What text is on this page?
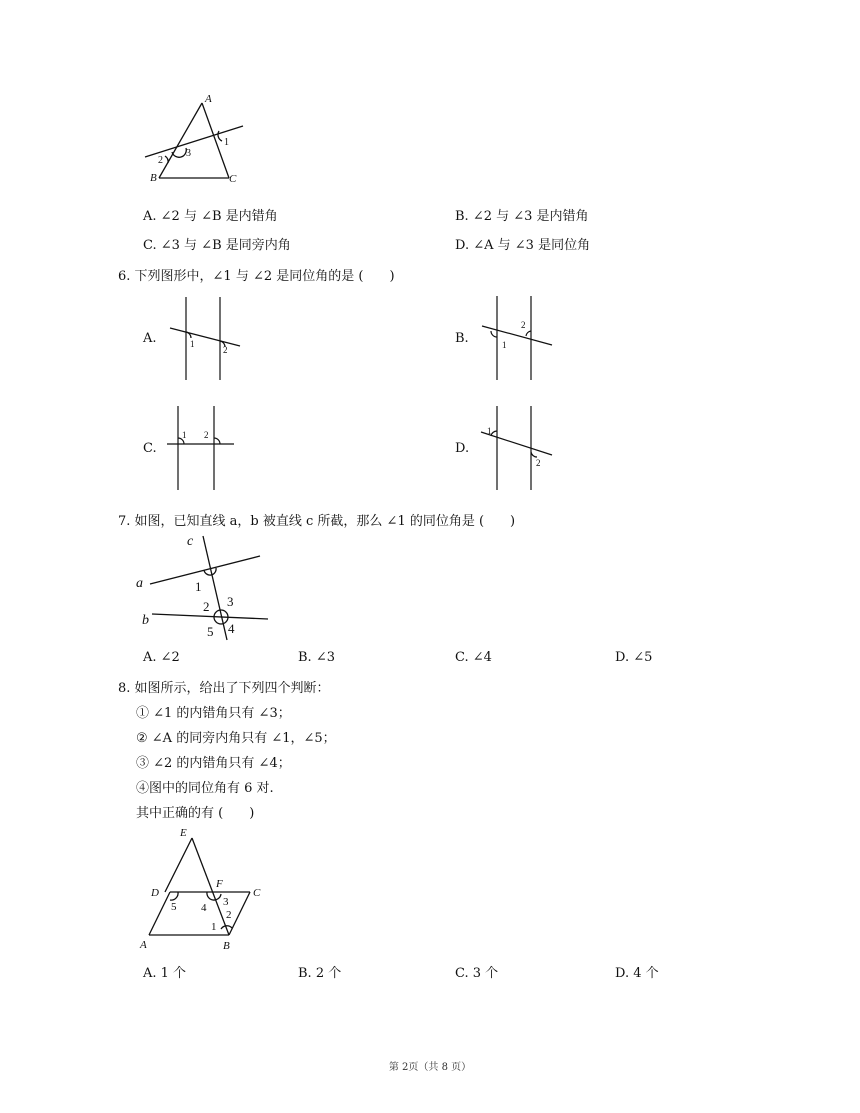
A
B	C
1
2
3
A. ∠2 与 ∠B 是内错角	B. ∠2 与 ∠3 是内错角
C. ∠3 与 ∠B 是同旁内角	D. ∠A 与 ∠3 是同位角
6. 下列图形中，∠1 与 ∠2 是同位角的是 (　　)
A.	1
2
B.	1
2
C.
1 2
D.
1
2
7. 如图，已知直线 a，b 被直线 c 所截，那么 ∠1 的同位角是 (　　)
c
a
b
1
2 3
4
5
A. ∠2	B. ∠3	C. ∠4	D. ∠5
8. 如图所示，给出了下列四个判断：
① ∠1 的内错角只有 ∠3；
② ∠A 的同旁内角只有 ∠1，∠5；
③ ∠2 的内错角只有 ∠4；
④图中的同位角有 6 对.
其中正确的有 (　　)
E
D
F
C
A	B
5 4 3
2
1
A. 1 个	B. 2 个	C. 3 个	D. 4 个
第 2页（共 8 页）
